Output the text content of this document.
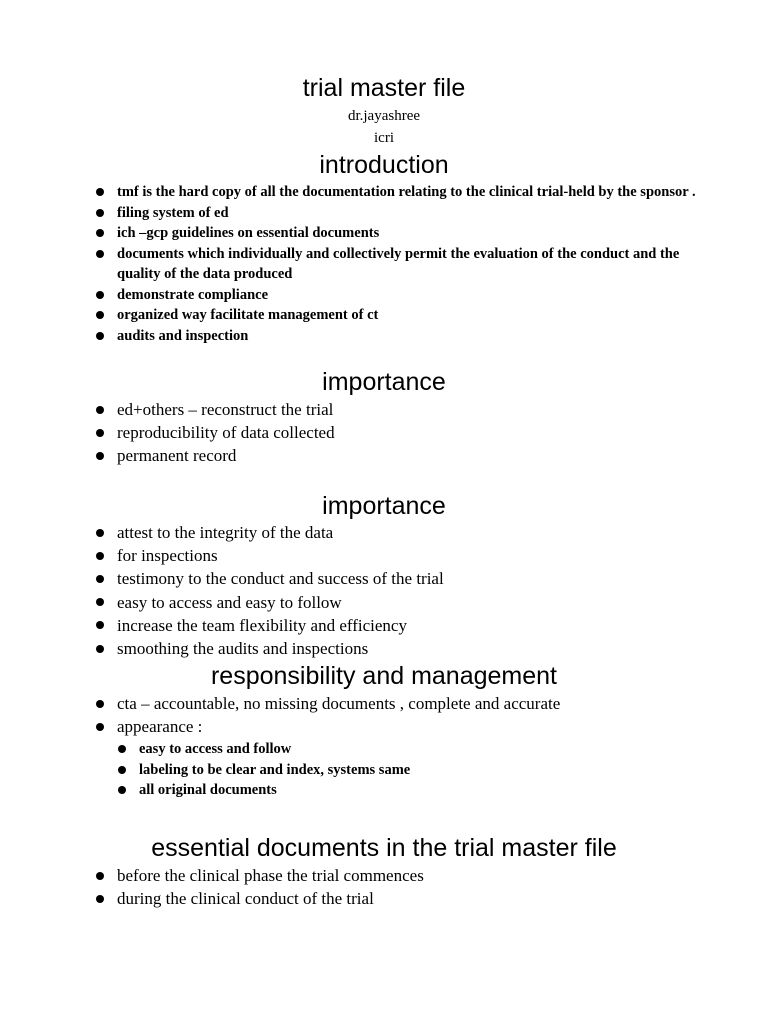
trial master file
dr.jayashree
icri
introduction
tmf is the hard copy of all the documentation relating to the clinical trial-held by the sponsor .
filing system of ed
ich –gcp guidelines on essential documents
documents which individually and collectively permit the evaluation of the conduct and the quality of the data produced
demonstrate compliance
organized way facilitate management of ct
audits and inspection
importance
ed+others – reconstruct the trial
reproducibility of data collected
permanent record
importance
attest to the integrity of the data
for inspections
testimony to the conduct and success of the trial
easy to access and easy to follow
increase the team flexibility and efficiency
smoothing the audits and inspections
responsibility and management
cta – accountable, no missing documents , complete and accurate
appearance :
easy to access and follow
labeling to be clear and index, systems same
all original documents
essential documents in the trial master file
before the clinical phase the trial commences
during the clinical conduct of the trial
